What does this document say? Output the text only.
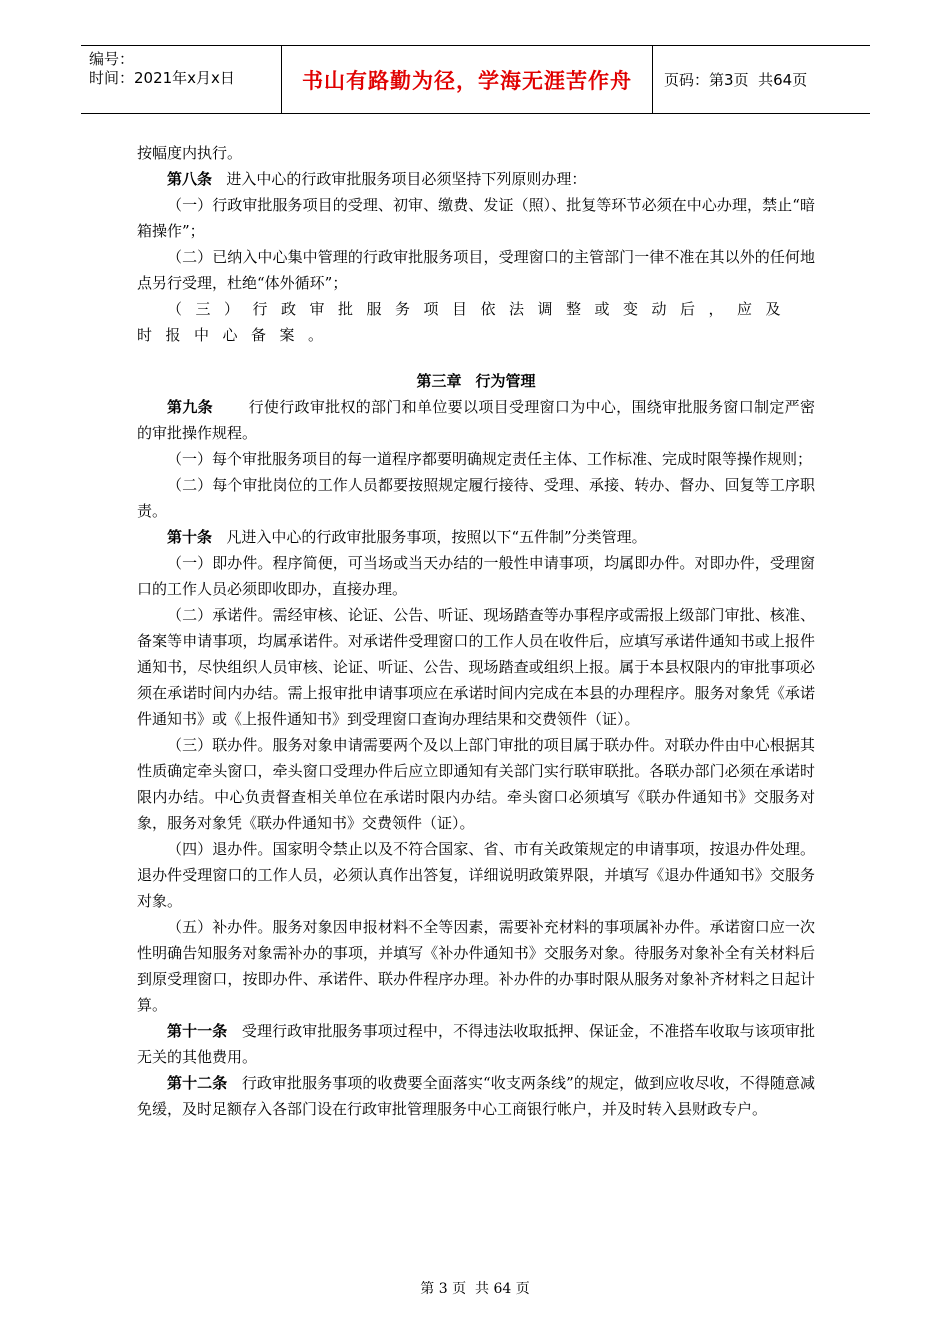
编号：
时间：2021年x月x日	书山有路勤为径，学海无涯苦作舟	页码：第 3 页  共 64 页

按幅度内执行。

第八条 进入中心的行政审批服务项目必须坚持下列原则办理：

（一）行政审批服务项目的受理、初审、缴费、发证（照）、批复等环节必须在中心办理，禁止“暗箱操作”；

（二）已纳入中心集中管理的行政审批服务项目，受理窗口的主管部门一律不准在其以外的任何地点另行受理，杜绝“体外循环”；

（三）行政审批服务项目依法调整或变动后，应及时报中心备案。

第三章 行为管理

第九条 行使行政审批权的部门和单位要以项目受理窗口为中心，围绕审批服务窗口制定严密的审批操作规程。

（一）每个审批服务项目的每一道程序都要明确规定责任主体、工作标准、完成时限等操作规则；

（二）每个审批岗位的工作人员都要按照规定履行接待、受理、承接、转办、督办、回复等工序职责。

第十条 凡进入中心的行政审批服务事项，按照以下“五件制”分类管理。

（一）即办件。程序简便，可当场或当天办结的一般性申请事项，均属即办件。对即办件，受理窗口的工作人员必须即收即办，直接办理。

（二）承诺件。需经审核、论证、公告、听证、现场踏查等办事程序或需报上级部门审批、核准、备案等申请事项，均属承诺件。对承诺件受理窗口的工作人员在收件后，应填写承诺件通知书或上报件通知书，尽快组织人员审核、论证、听证、公告、现场踏查或组织上报。属于本县权限内的审批事项必须在承诺时间内办结。需上报审批申请事项应在承诺时间内完成在本县的办理程序。服务对象凭《承诺件通知书》或《上报件通知书》到受理窗口查询办理结果和交费领件（证）。

（三）联办件。服务对象申请需要两个及以上部门审批的项目属于联办件。对联办件由中心根据其性质确定牵头窗口，牵头窗口受理办件后应立即通知有关部门实行联审联批。各联办部门必须在承诺时限内办结。中心负责督查相关单位在承诺时限内办结。牵头窗口必须填写《联办件通知书》交服务对象，服务对象凭《联办件通知书》交费领件（证）。

（四）退办件。国家明令禁止以及不符合国家、省、市有关政策规定的申请事项，按退办件处理。退办件受理窗口的工作人员，必须认真作出答复，详细说明政策界限，并填写《退办件通知书》交服务对象。

（五）补办件。服务对象因申报材料不全等因素，需要补充材料的事项属补办件。承诺窗口应一次性明确告知服务对象需补办的事项，并填写《补办件通知书》交服务对象。待服务对象补全有关材料后到原受理窗口，按即办件、承诺件、联办件程序办理。补办件的办事时限从服务对象补齐材料之日起计算。

第十一条 受理行政审批服务事项过程中，不得违法收取抵押、保证金，不准搭车收取与该项审批无关的其他费用。

第十二条 行政审批服务事项的收费要全面落实“收支两条线”的规定，做到应收尽收，不得随意减免缓，及时足额存入各部门设在行政审批管理服务中心工商银行帐户，并及时转入县财政专户。

第 3 页  共 64 页
